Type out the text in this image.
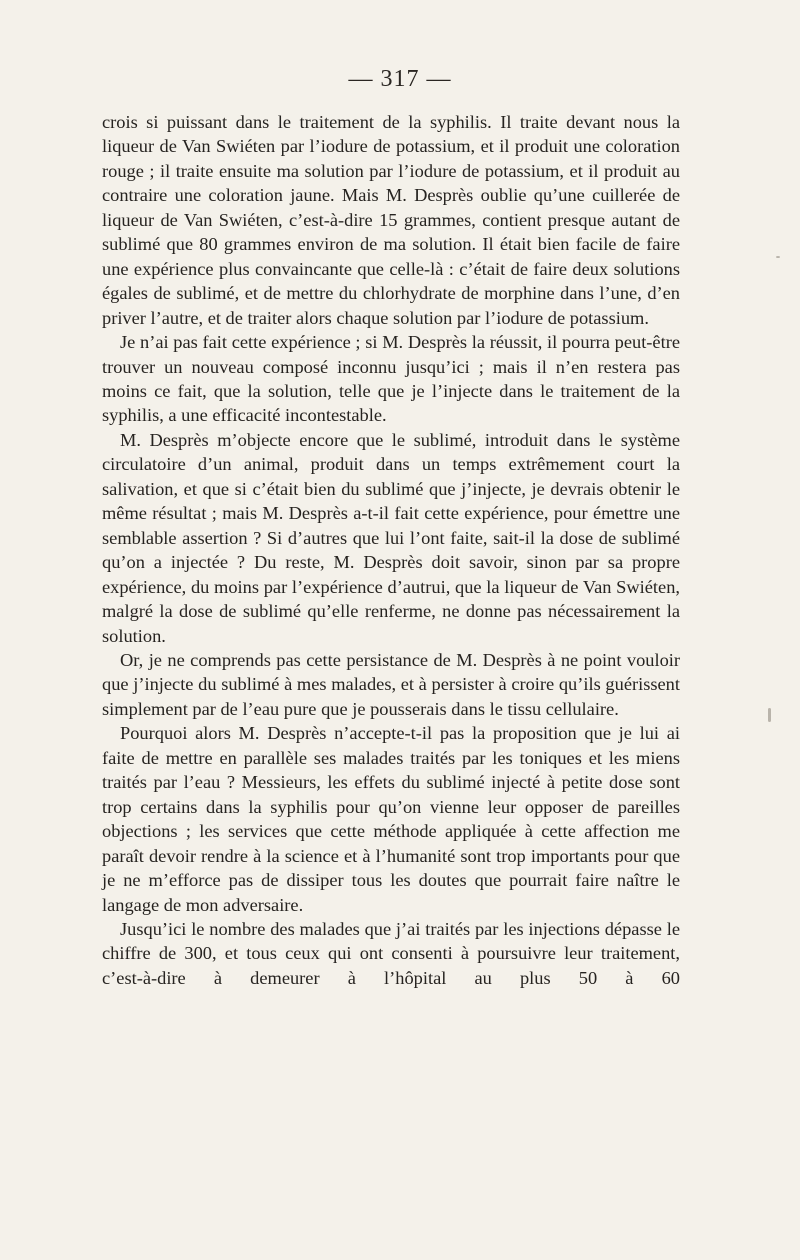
— 317 —

crois si puissant dans le traitement de la syphilis. Il traite devant nous la liqueur de Van Swiéten par l’iodure de potassium, et il produit une coloration rouge ; il traite ensuite ma solution par l’iodure de potassium, et il produit au contraire une coloration jaune. Mais M. Desprès oublie qu’une cuillerée de liqueur de Van Swiéten, c’est-à-dire 15 grammes, contient presque autant de sublimé que 80 grammes environ de ma solution. Il était bien facile de faire une expérience plus convaincante que celle-là : c’était de faire deux solutions égales de sublimé, et de mettre du chlorhydrate de morphine dans l’une, d’en priver l’autre, et de traiter alors chaque solution par l’iodure de potassium.

Je n’ai pas fait cette expérience ; si M. Desprès la réussit, il pourra peut-être trouver un nouveau composé inconnu jusqu’ici ; mais il n’en restera pas moins ce fait, que la solution, telle que je l’injecte dans le traitement de la syphilis, a une efficacité incontestable.

M. Desprès m’objecte encore que le sublimé, introduit dans le système circulatoire d’un animal, produit dans un temps extrêmement court la salivation, et que si c’était bien du sublimé que j’injecte, je devrais obtenir le même résultat ; mais M. Desprès a-t-il fait cette expérience, pour émettre une semblable assertion ? Si d’autres que lui l’ont faite, sait-il la dose de sublimé qu’on a injectée ? Du reste, M. Desprès doit savoir, sinon par sa propre expérience, du moins par l’expérience d’autrui, que la liqueur de Van Swiéten, malgré la dose de sublimé qu’elle renferme, ne donne pas nécessairement la solution.

Or, je ne comprends pas cette persistance de M. Desprès à ne point vouloir que j’injecte du sublimé à mes malades, et à persister à croire qu’ils guérissent simplement par de l’eau pure que je pousserais dans le tissu cellulaire.

Pourquoi alors M. Desprès n’accepte-t-il pas la proposition que je lui ai faite de mettre en parallèle ses malades traités par les toniques et les miens traités par l’eau ? Messieurs, les effets du sublimé injecté à petite dose sont trop certains dans la syphilis pour qu’on vienne leur opposer de pareilles objections ; les services que cette méthode appliquée à cette affection me paraît devoir rendre à la science et à l’humanité sont trop importants pour que je ne m’efforce pas de dissiper tous les doutes que pourrait faire naître le langage de mon adversaire.

Jusqu’ici le nombre des malades que j’ai traités par les injections dépasse le chiffre de 300, et tous ceux qui ont consenti à poursuivre leur traitement, c’est-à-dire à demeurer à l’hôpital au plus 50 à 60
